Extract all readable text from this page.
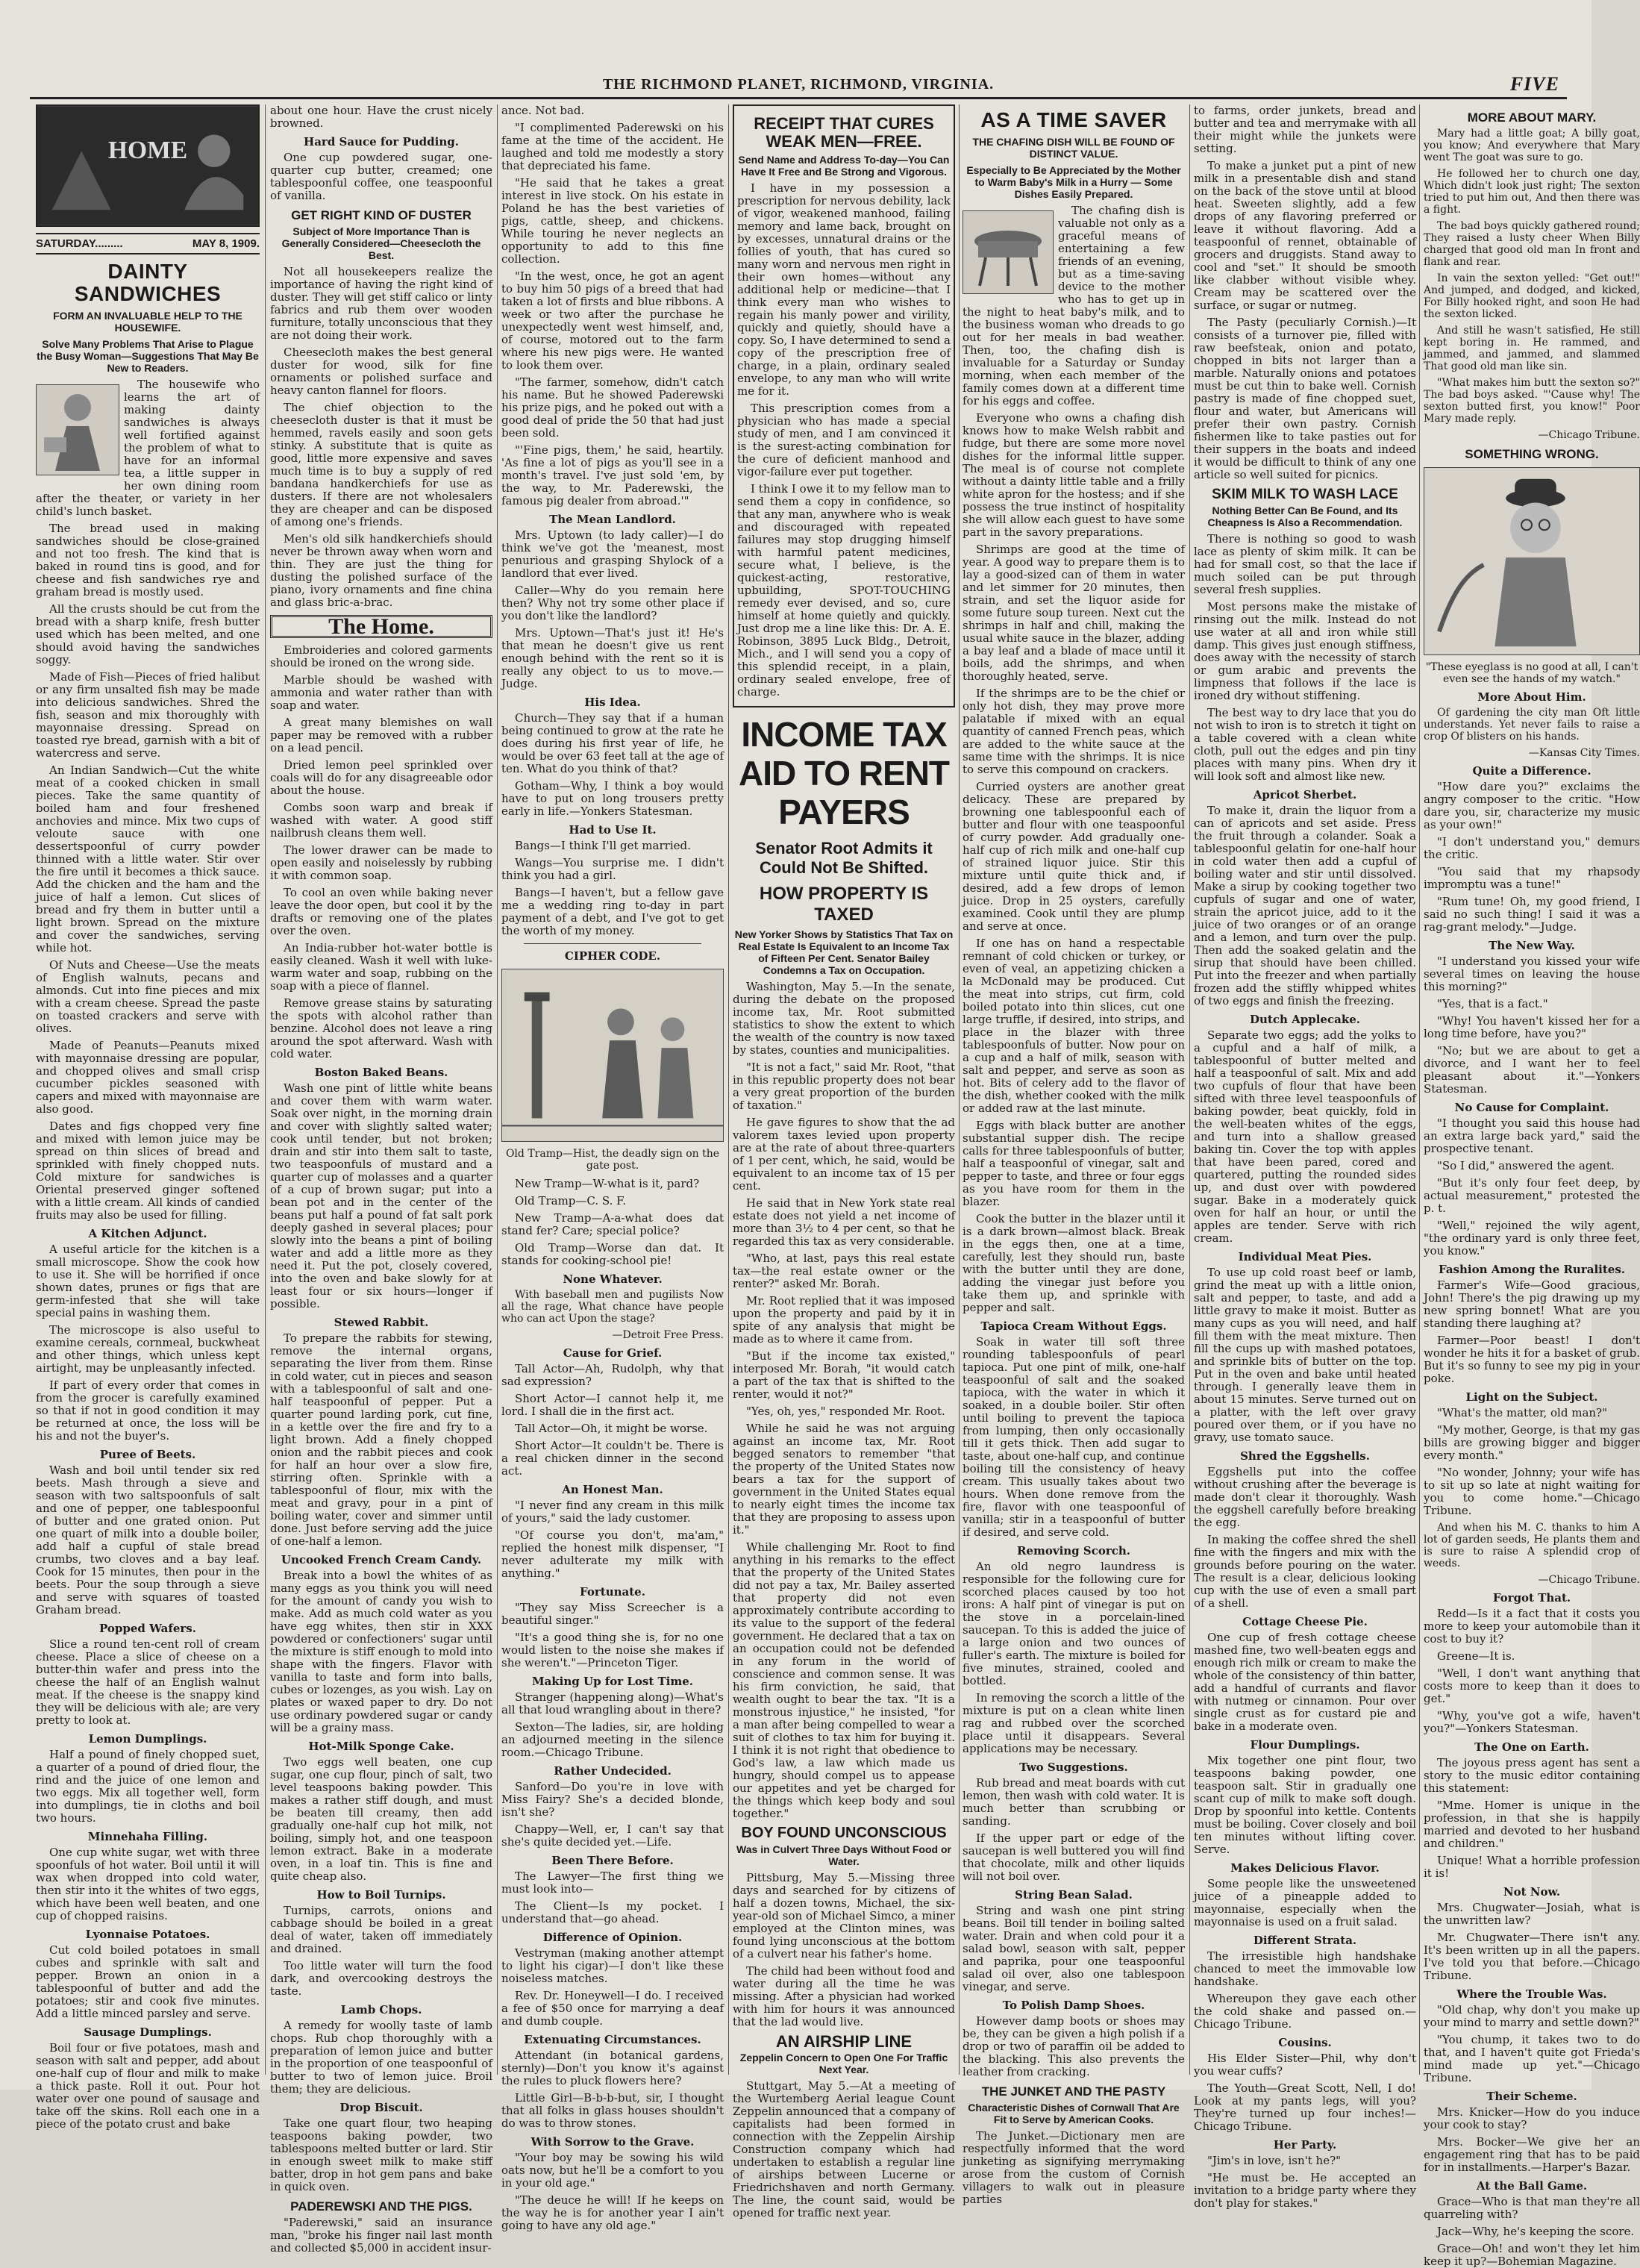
THE RICHMOND PLANET, RICHMOND, VIRGINIA.	FIVE
HOME
SATURDAY.........	MAY 8, 1909.
DAINTY SANDWICHES
FORM AN INVALUABLE HELP TO THE HOUSEWIFE.
Solve Many Problems That Arise to Plague the Busy Woman—Suggestions That May Be New to Readers.

The housewife who learns the art of making dainty sandwiches is always well fortified against the problem of what to have for an informal tea, a little supper in her own dining room after the theater, or variety in her child's lunch basket.

The bread used in making sandwiches should be close-grained and not too fresh. The kind that is baked in round tins is good, and for cheese and fish sandwiches rye and graham bread is mostly used.

All the crusts should be cut from the bread with a sharp knife, fresh butter used which has been melted, and one should avoid having the sandwiches soggy.

Made of Fish—Pieces of fried halibut or any firm unsalted fish may be made into delicious sandwiches. Shred the fish, season and mix thoroughly with mayonnaise dressing. Spread on toasted rye bread, garnish with a bit of watercress and serve.

An Indian Sandwich—Cut the white meat of a cooked chicken in small pieces. Take the same quantity of boiled ham and four freshened anchovies and mince. Mix two cups of veloute sauce with one dessertspoonful of curry powder thinned with a little water. Stir over the fire until it becomes a thick sauce. Add the chicken and the ham and the juice of half a lemon. Cut slices of bread and fry them in butter until a light brown. Spread on the mixture and cover the sandwiches, serving while hot.

Of Nuts and Cheese—Use the meats of English walnuts, pecans and almonds. Cut into fine pieces and mix with a cream cheese. Spread the paste on toasted crackers and serve with olives.

Made of Peanuts—Peanuts mixed with mayonnaise dressing are popular, and chopped olives and small crisp cucumber pickles seasoned with capers and mixed with mayonnaise are also good.

Dates and figs chopped very fine and mixed with lemon juice may be spread on thin slices of bread and sprinkled with finely chopped nuts. Cold mixture for sandwiches is Oriental preserved ginger softened with a little cream. All kinds of candied fruits may also be used for filling.

A Kitchen Adjunct.

A useful article for the kitchen is a small microscope. Show the cook how to use it. She will be horrified if once shown dates, prunes or figs that are germ-infested that she will take special pains in washing them.

The microscope is also useful to examine cereals, cornmeal, buckwheat and other things, which unless kept airtight, may be unpleasantly infected.

If part of every order that comes in from the grocer is carefully examined so that if not in good condition it may be returned at once, the loss will be his and not the buyer's.

Puree of Beets.

Wash and boil until tender six red beets. Mash through a sieve and season with two saltspoonfuls of salt and one of pepper, one tablespoonful of butter and one grated onion. Put one quart of milk into a double boiler, add half a cupful of stale bread crumbs, two cloves and a bay leaf. Cook for 15 minutes, then pour in the beets. Pour the soup through a sieve and serve with squares of toasted Graham bread.

Popped Wafers.

Slice a round ten-cent roll of cream cheese. Place a slice of cheese on a butter-thin wafer and press into the cheese the half of an English walnut meat. If the cheese is the snappy kind they will be delicious with ale; are very pretty to look at.

Lemon Dumplings.

Half a pound of finely chopped suet, a quarter of a pound of dried flour, the rind and the juice of one lemon and two eggs. Mix all together well, form into dumplings, tie in cloths and boil two hours.

Minnehaha Filling.

One cup white sugar, wet with three spoonfuls of hot water. Boil until it will wax when dropped into cold water, then stir into it the whites of two eggs, which have been well beaten, and one cup of chopped raisins.

Lyonnaise Potatoes.

Cut cold boiled potatoes in small cubes and sprinkle with salt and pepper. Brown an onion in a tablespoonful of butter and add the potatoes; stir and cook five minutes. Add a little minced parsley and serve.

Sausage Dumplings.

Boil four or five potatoes, mash and season with salt and pepper, add about one-half cup of flour and milk to make a thick paste. Roll it out. Pour hot water over one pound of sausage and take off the skins. Roll each one in a piece of the potato crust and bake

about one hour. Have the crust nicely browned.

Hard Sauce for Pudding.

One cup powdered sugar, one-quarter cup butter, creamed; one tablespoonful coffee, one teaspoonful of vanilla.

GET RIGHT KIND OF DUSTER
Subject of More Importance Than is Generally Considered—Cheesecloth the Best.

Not all housekeepers realize the importance of having the right kind of duster. They will get stiff calico or linty fabrics and rub them over wooden furniture, totally unconscious that they are not doing their work.

Cheesecloth makes the best general duster for wood, silk for fine ornaments or polished surface and heavy canton flannel for floors.

The chief objection to the cheesecloth duster is that it must be hemmed, ravels easily and soon gets stinky. A substitute that is quite as good, little more expensive and saves much time is to buy a supply of red bandana handkerchiefs for use as dusters. If there are not wholesalers they are cheaper and can be disposed of among one's friends.

Men's old silk handkerchiefs should never be thrown away when worn and thin. They are just the thing for dusting the polished surface of the piano, ivory ornaments and fine china and glass bric-a-brac.

The Home.

Embroideries and colored garments should be ironed on the wrong side.

Marble should be washed with ammonia and water rather than with soap and water.

A great many blemishes on wall paper may be removed with a rubber on a lead pencil.

Dried lemon peel sprinkled over coals will do for any disagreeable odor about the house.

Combs soon warp and break if washed with water. A good stiff nailbrush cleans them well.

The lower drawer can be made to open easily and noiselessly by rubbing it with common soap.

To cool an oven while baking never leave the door open, but cool it by the drafts or removing one of the plates over the oven.

An India-rubber hot-water bottle is easily cleaned. Wash it well with luke-warm water and soap, rubbing on the soap with a piece of flannel.

Remove grease stains by saturating the spots with alcohol rather than benzine. Alcohol does not leave a ring around the spot afterward. Wash with cold water.

Boston Baked Beans.

Wash one pint of little white beans and cover them with warm water. Soak over night, in the morning drain and cover with slightly salted water; cook until tender, but not broken; drain and stir into them salt to taste, two teaspoonfuls of mustard and a quarter cup of molasses and a quarter of a cup of brown sugar; put into a bean pot and in the center of the beans put half a pound of fat salt pork deeply gashed in several places; pour slowly into the beans a pint of boiling water and add a little more as they need it. Put the pot, closely covered, into the oven and bake slowly for at least four or six hours—longer if possible.

Stewed Rabbit.

To prepare the rabbits for stewing, remove the internal organs, separating the liver from them. Rinse in cold water, cut in pieces and season with a tablespoonful of salt and one-half teaspoonful of pepper. Put a quarter pound larding pork, cut fine, in a kettle over the fire and fry to a light brown. Add a finely chopped onion and the rabbit pieces and cook for half an hour over a slow fire, stirring often. Sprinkle with a tablespoonful of flour, mix with the meat and gravy, pour in a pint of boiling water, cover and simmer until done. Just before serving add the juice of one-half a lemon.

Uncooked French Cream Candy.

Break into a bowl the whites of as many eggs as you think you will need for the amount of candy you wish to make. Add as much cold water as you have egg whites, then stir in XXX powdered or confectioners' sugar until the mixture is stiff enough to mold into shape with the fingers. Flavor with vanilla to taste and form into balls, cubes or lozenges, as you wish. Lay on plates or waxed paper to dry. Do not use ordinary powdered sugar or candy will be a grainy mass.

Hot-Milk Sponge Cake.

Two eggs well beaten, one cup sugar, one cup flour, pinch of salt, two level teaspoons baking powder. This makes a rather stiff dough, and must be beaten till creamy, then add gradually one-half cup hot milk, not boiling, simply hot, and one teaspoon lemon extract. Bake in a moderate oven, in a loaf tin. This is fine and quite cheap also.

How to Boil Turnips.

Turnips, carrots, onions and cabbage should be boiled in a great deal of water, taken off immediately and drained.

Too little water will turn the food dark, and overcooking destroys the taste.

Lamb Chops.

A remedy for woolly taste of lamb chops. Rub chop thoroughly with a preparation of lemon juice and butter in the proportion of one teaspoonful of butter to two of lemon juice. Broil them; they are delicious.

Drop Biscuit.

Take one quart flour, two heaping teaspoons baking powder, two tablespoons melted butter or lard. Stir in enough sweet milk to make stiff batter, drop in hot gem pans and bake in quick oven.

PADEREWSKI AND THE PIGS.

"Paderewski," said an insurance man, "broke his finger nail last month and collected $5,000 in accident insur-

ance. Not bad.

"I complimented Paderewski on his fame at the time of the accident. He laughed and told me modestly a story that depreciated his fame.

"He said that he takes a great interest in live stock. On his estate in Poland he has the best varieties of pigs, cattle, sheep, and chickens. While touring he never neglects an opportunity to add to this fine collection.

"In the west, once, he got an agent to buy him 50 pigs of a breed that had taken a lot of firsts and blue ribbons. A week or two after the purchase he unexpectedly went west himself, and, of course, motored out to the farm where his new pigs were. He wanted to look them over.

"The farmer, somehow, didn't catch his name. But he showed Paderewski his prize pigs, and he poked out with a good deal of pride the 50 that had just been sold.

"'Fine pigs, them,' he said, heartily. 'As fine a lot of pigs as you'll see in a month's travel. I've just sold 'em, by the way, to Mr. Paderewski, the famous pig dealer from abroad.'"

The Mean Landlord.

Mrs. Uptown (to lady caller)—I do think we've got the 'meanest, most penurious and grasping Shylock of a landlord that ever lived.

Caller—Why do you remain here then? Why not try some other place if you don't like the landlord?

Mrs. Uptown—That's just it! He's that mean he doesn't give us rent enough behind with the rent so it is really any object to us to move.—Judge.

His Idea.

Church—They say that if a human being continued to grow at the rate he does during his first year of life, he would be over 63 feet tall at the age of ten. What do you think of that?

Gotham—Why, I think a boy would have to put on long trousers pretty early in life.—Yonkers Statesman.

Had to Use It.

Bangs—I think I'll get married.

Wangs—You surprise me. I didn't think you had a girl.

Bangs—I haven't, but a fellow gave me a wedding ring to-day in part payment of a debt, and I've got to get the worth of my money.

CIPHER CODE.
Old Tramp—Hist, the deadly sign on the gate post.

New Tramp—W-what is it, pard?

Old Tramp—C. S. F.

New Tramp—A-a-what does dat stand fer? Care; special police?

Old Tramp—Worse dan dat. It stands for cooking-school pie!

None Whatever.

With baseball men and pugilists Now all the rage, What chance have people who can act Upon the stage?

—Detroit Free Press.

Cause for Grief.

Tall Actor—Ah, Rudolph, why that sad expression?

Short Actor—I cannot help it, me lord. I shall die in the first act.

Tall Actor—Oh, it might be worse.

Short Actor—It couldn't be. There is a real chicken dinner in the second act.

An Honest Man.

"I never find any cream in this milk of yours," said the lady customer.

"Of course you don't, ma'am," replied the honest milk dispenser, "I never adulterate my milk with anything."

Fortunate.

"They say Miss Screecher is a beautiful singer."

"It's a good thing she is, for no one would listen to the noise she makes if she weren't."—Princeton Tiger.

Making Up for Lost Time.

Stranger (happening along)—What's all that loud wrangling about in there?

Sexton—The ladies, sir, are holding an adjourned meeting in the silence room.—Chicago Tribune.

Rather Undecided.

Sanford—Do you're in love with Miss Fairy? She's a decided blonde, isn't she?

Chappy—Well, er, I can't say that she's quite decided yet.—Life.

Been There Before.

The Lawyer—The first thing we must look into—

The Client—Is my pocket. I understand that—go ahead.

Difference of Opinion.

Vestryman (making another attempt to light his cigar)—I don't like these noiseless matches.

Rev. Dr. Honeywell—I do. I received a fee of $50 once for marrying a deaf and dumb couple.

Extenuating Circumstances.

Attendant (in botanical gardens, sternly)—Don't you know it's against the rules to pluck flowers here?

Little Girl—B-b-b-but, sir, I thought that all folks in glass houses shouldn't do was to throw stones.

With Sorrow to the Grave.

"Your boy may be sowing his wild oats now, but he'll be a comfort to you in your old age."

"The deuce he will! If he keeps on the way he is for another year I ain't going to have any old age."

RECEIPT THAT CURES WEAK MEN—FREE.
Send Name and Address To-day—You Can Have It Free and Be Strong and Vigorous.

I have in my possession a prescription for nervous debility, lack of vigor, weakened manhood, failing memory and lame back, brought on by excesses, unnatural drains or the follies of youth, that has cured so many worn and nervous men right in their own homes—without any additional help or medicine—that I think every man who wishes to regain his manly power and virility, quickly and quietly, should have a copy. So, I have determined to send a copy of the prescription free of charge, in a plain, ordinary sealed envelope, to any man who will write me for it.

This prescription comes from a physician who has made a special study of men, and I am convinced it is the surest-acting combination for the cure of deficient manhood and vigor-failure ever put together.

I think I owe it to my fellow man to send them a copy in confidence, so that any man, anywhere who is weak and discouraged with repeated failures may stop drugging himself with harmful patent medicines, secure what, I believe, is the quickest-acting, restorative, upbuilding, SPOT-TOUCHING remedy ever devised, and so, cure himself at home quietly and quickly. Just drop me a line like this: Dr. A. E. Robinson, 3895 Luck Bldg., Detroit, Mich., and I will send you a copy of this splendid receipt, in a plain, ordinary sealed envelope, free of charge.

INCOME TAX AID TO RENT PAYERS
Senator Root Admits it Could Not Be Shifted.
HOW PROPERTY IS TAXED
New Yorker Shows by Statistics That Tax on Real Estate Is Equivalent to an Income Tax of Fifteen Per Cent. Senator Bailey Condemns a Tax on Occupation.

Washington, May 5.—In the senate, during the debate on the proposed income tax, Mr. Root submitted statistics to show the extent to which the wealth of the country is now taxed by states, counties and municipalities.

"It is not a fact," said Mr. Root, "that in this republic property does not bear a very great proportion of the burden of taxation."

He gave figures to show that the ad valorem taxes levied upon property are at the rate of about three-quarters of 1 per cent, which, he said, would be equivalent to an income tax of 15 per cent.

He said that in New York state real estate does not yield a net income of more than 3½ to 4 per cent, so that he regarded this tax as very considerable.

"Who, at last, pays this real estate tax—the real estate owner or the renter?" asked Mr. Borah.

Mr. Root replied that it was imposed upon the property and paid by it in spite of any analysis that might be made as to where it came from.

"But if the income tax existed," interposed Mr. Borah, "it would catch a part of the tax that is shifted to the renter, would it not?"

"Yes, oh, yes," responded Mr. Root.

While he said he was not arguing against an income tax, Mr. Root begged senators to remember "that the property of the United States now bears a tax for the support of government in the United States equal to nearly eight times the income tax that they are proposing to assess upon it."

While challenging Mr. Root to find anything in his remarks to the effect that the property of the United States did not pay a tax, Mr. Bailey asserted that property did not even approximately contribute according to its value to the support of the federal government. He declared that a tax on an occupation could not be defended in any forum in the world of conscience and common sense. It was his firm conviction, he said, that wealth ought to bear the tax. "It is a monstrous injustice," he insisted, "for a man after being compelled to wear a suit of clothes to tax him for buying it. I think it is not right that obedience to God's law, a law which made us hungry, should compel us to appease our appetites and yet be charged for the things which keep body and soul together."

BOY FOUND UNCONSCIOUS
Was in Culvert Three Days Without Food or Water.

Pittsburg, May 5.—Missing three days and searched for by citizens of half a dozen towns, Michael, the six-year-old son of Michael Simco, a miner employed at the Clinton mines, was found lying unconscious at the bottom of a culvert near his father's home.

The child had been without food and water during all the time he was missing. After a physician had worked with him for hours it was announced that the lad would live.

AN AIRSHIP LINE
Zeppelin Concern to Open One For Traffic Next Year.

Stuttgart, May 5.—At a meeting of the Wurtemberg Aerial league Count Zeppelin announced that a company of capitalists had been formed in connection with the Zeppelin Airship Construction company which had undertaken to establish a regular line of airships between Lucerne or Friedrichshaven and north Germany. The line, the count said, would be opened for traffic next year.

AS A TIME SAVER
THE CHAFING DISH WILL BE FOUND OF DISTINCT VALUE.
Especially to Be Appreciated by the Mother to Warm Baby's Milk in a Hurry — Some Dishes Easily Prepared.

The chafing dish is valuable not only as a graceful means of entertaining a few friends of an evening, but as a time-saving device to the mother who has to get up in the night to heat baby's milk, and to the business woman who dreads to go out for her meals in bad weather. Then, too, the chafing dish is invaluable for a Saturday or Sunday morning, when each member of the family comes down at a different time for his eggs and coffee.

Everyone who owns a chafing dish knows how to make Welsh rabbit and fudge, but there are some more novel dishes for the informal little supper. The meal is of course not complete without a dainty little table and a frilly white apron for the hostess; and if she possess the true instinct of hospitality she will allow each guest to have some part in the savory preparations.

Shrimps are good at the time of year. A good way to prepare them is to lay a good-sized can of them in water and let simmer for 20 minutes, then strain, and set the liquor aside for some future soup tureen. Next cut the shrimps in half and chill, making the usual white sauce in the blazer, adding a bay leaf and a blade of mace until it boils, add the shrimps, and when thoroughly heated, serve.

If the shrimps are to be the chief or only hot dish, they may prove more palatable if mixed with an equal quantity of canned French peas, which are added to the white sauce at the same time with the shrimps. It is nice to serve this compound on crackers.

Curried oysters are another great delicacy. These are prepared by browning one tablespoonful each of butter and flour with one teaspoonful of curry powder. Add gradually one-half cup of rich milk and one-half cup of strained liquor juice. Stir this mixture until quite thick and, if desired, add a few drops of lemon juice. Drop in 25 oysters, carefully examined. Cook until they are plump and serve at once.

If one has on hand a respectable remnant of cold chicken or turkey, or even of veal, an appetizing chicken a la McDonald may be produced. Cut the meat into strips, cut firm, cold boiled potato into thin slices, cut one large truffle, if desired, into strips, and place in the blazer with three tablespoonfuls of butter. Now pour on a cup and a half of milk, season with salt and pepper, and serve as soon as hot. Bits of celery add to the flavor of the dish, whether cooked with the milk or added raw at the last minute.

Eggs with black butter are another substantial supper dish. The recipe calls for three tablespoonfuls of butter, half a teaspoonful of vinegar, salt and pepper to taste, and three or four eggs as you have room for them in the blazer.

Cook the butter in the blazer until it is a dark brown—almost black. Break in the eggs then, one at a time, carefully, lest they should run, baste with the butter until they are done, adding the vinegar just before you take them up, and sprinkle with pepper and salt.

Tapioca Cream Without Eggs.

Soak in water till soft three rounding tablespoonfuls of pearl tapioca. Put one pint of milk, one-half teaspoonful of salt and the soaked tapioca, with the water in which it soaked, in a double boiler. Stir often until boiling to prevent the tapioca from lumping, then only occasionally till it gets thick. Then add sugar to taste, about one-half cup, and continue boiling till the consistency of heavy cream. This usually takes about two hours. When done remove from the fire, flavor with one teaspoonful of vanilla; stir in a teaspoonful of butter if desired, and serve cold.

Removing Scorch.

An old negro laundress is responsible for the following cure for scorched places caused by too hot irons: A half pint of vinegar is put on the stove in a porcelain-lined saucepan. To this is added the juice of a large onion and two ounces of fuller's earth. The mixture is boiled for five minutes, strained, cooled and bottled.

In removing the scorch a little of the mixture is put on a clean white linen rag and rubbed over the scorched place until it disappears. Several applications may be necessary.

Two Suggestions.

Rub bread and meat boards with cut lemon, then wash with cold water. It is much better than scrubbing or sanding.

If the upper part or edge of the saucepan is well buttered you will find that chocolate, milk and other liquids will not boil over.

String Bean Salad.

String and wash one pint string beans. Boil till tender in boiling salted water. Drain and when cold pour it a salad bowl, season with salt, pepper and paprika, pour one teaspoonful salad oil over, also one tablespoon vinegar, and serve.

To Polish Damp Shoes.

However damp boots or shoes may be, they can be given a high polish if a drop or two of paraffin oil be added to the blacking. This also prevents the leather from cracking.

THE JUNKET AND THE PASTY
Characteristic Dishes of Cornwall That Are Fit to Serve by American Cooks.

The Junket.—Dictionary men are respectfully informed that the word junketing as signifying merrymaking arose from the custom of Cornish villagers to walk out in pleasure parties

to farms, order junkets, bread and butter and tea and merrymake with all their might while the junkets were setting.

To make a junket put a pint of new milk in a presentable dish and stand on the back of the stove until at blood heat. Sweeten slightly, add a few drops of any flavoring preferred or leave it without flavoring. Add a teaspoonful of rennet, obtainable of grocers and druggists. Stand away to cool and "set." It should be smooth like clabber without visible whey. Cream may be scattered over the surface, or sugar or nutmeg.

The Pasty (peculiarly Cornish.)—It consists of a turnover pie, filled with raw beefsteak, onion and potato, chopped in bits not larger than a marble. Naturally onions and potatoes must be cut thin to bake well. Cornish pastry is made of fine chopped suet, flour and water, but Americans will prefer their own pastry. Cornish fishermen like to take pasties out for their suppers in the boats and indeed it would be difficult to think of any one article so well suited for picnics.

SKIM MILK TO WASH LACE
Nothing Better Can Be Found, and Its Cheapness Is Also a Recommendation.

There is nothing so good to wash lace as plenty of skim milk. It can be had for small cost, so that the lace if much soiled can be put through several fresh supplies.

Most persons make the mistake of rinsing out the milk. Instead do not use water at all and iron while still damp. This gives just enough stiffness, does away with the necessity of starch or gum arabic and prevents the limpness that follows if the lace is ironed dry without stiffening.

The best way to dry lace that you do not wish to iron is to stretch it tight on a table covered with a clean white cloth, pull out the edges and pin tiny places with many pins. When dry it will look soft and almost like new.

Apricot Sherbet.

To make it, drain the liquor from a can of apricots and set aside. Press the fruit through a colander. Soak a tablespoonful gelatin for one-half hour in cold water then add a cupful of boiling water and stir until dissolved. Make a sirup by cooking together two cupfuls of sugar and one of water, strain the apricot juice, add to it the juice of two oranges or of an orange and a lemon, and turn over the pulp. Then add the soaked gelatin and the sirup that should have been chilled. Put into the freezer and when partially frozen add the stiffly whipped whites of two eggs and finish the freezing.

Dutch Applecake.

Separate two eggs; add the yolks to a cupful and a half of milk, a tablespoonful of butter melted and half a teaspoonful of salt. Mix and add two cupfuls of flour that have been sifted with three level teaspoonfuls of baking powder, beat quickly, fold in the well-beaten whites of the eggs, and turn into a shallow greased baking tin. Cover the top with apples that have been pared, cored and quartered, putting the rounded sides up, and dust over with powdered sugar. Bake in a moderately quick oven for half an hour, or until the apples are tender. Serve with rich cream.

Individual Meat Pies.

To use up cold roast beef or lamb, grind the meat up with a little onion, salt and pepper, to taste, and add a little gravy to make it moist. Butter as many cups as you will need, and half fill them with the meat mixture. Then fill the cups up with mashed potatoes, and sprinkle bits of butter on the top. Put in the oven and bake until heated through. I generally leave them in about 15 minutes. Serve turned out on a platter, with the left over gravy poured over them, or if you have no gravy, use tomato sauce.

Shred the Eggshells.

Eggshells put into the coffee without crushing after the beverage is made don't clear it thoroughly. Wash the eggshell carefully before breaking the egg.

In making the coffee shred the shell fine with the fingers and mix with the grounds before pouring on the water. The result is a clear, delicious looking cup with the use of even a small part of a shell.

Cottage Cheese Pie.

One cup of fresh cottage cheese mashed fine, two well-beaten eggs and enough rich milk or cream to make the whole of the consistency of thin batter, add a handful of currants and flavor with nutmeg or cinnamon. Pour over single crust as for custard pie and bake in a moderate oven.

Flour Dumplings.

Mix together one pint flour, two teaspoons baking powder, one teaspoon salt. Stir in gradually one scant cup of milk to make soft dough. Drop by spoonful into kettle. Contents must be boiling. Cover closely and boil ten minutes without lifting cover. Serve.

Makes Delicious Flavor.

Some people like the unsweetened juice of a pineapple added to mayonnaise, especially when the mayonnaise is used on a fruit salad.

Different Strata.

The irresistible high handshake chanced to meet the immovable low handshake.

Whereupon they gave each other the cold shake and passed on.—Chicago Tribune.

Cousins.

His Elder Sister—Phil, why don't you wear cuffs?

The Youth—Great Scott, Nell, I do! Look at my pants legs, will you? They're turned up four inches!—Chicago Tribune.

Her Party.

"Jim's in love, isn't he?"

"He must be. He accepted an invitation to a bridge party where they don't play for stakes."

MORE ABOUT MARY.

Mary had a little goat; A billy goat, you know; And everywhere that Mary went The goat was sure to go.

He followed her to church one day, Which didn't look just right; The sexton tried to put him out, And then there was a fight.

The bad boys quickly gathered round; They raised a lusty cheer When Billy charged that good old man In front and flank and rear.

In vain the sexton yelled: "Get out!" And jumped, and dodged, and kicked, For Billy hooked right, and soon He had the sexton licked.

And still he wasn't satisfied, He still kept boring in. He rammed, and jammed, and jammed, and slammed That good old man like sin.

"What makes him butt the sexton so?" The bad boys asked. "'Cause why! The sexton butted first, you know!" Poor Mary made reply.

—Chicago Tribune.

SOMETHING WRONG.
"These eyeglass is no good at all, I can't even see the hands of my watch."
More About Him.

Of gardening the city man Oft little understands. Yet never fails to raise a crop Of blisters on his hands.

—Kansas City Times.

Quite a Difference.

"How dare you?" exclaims the angry composer to the critic. "How dare you, sir, characterize my music as your own!"

"I don't understand you," demurs the critic.

"You said that my rhapsody impromptu was a tune!"

"Rum tune! Oh, my good friend, I said no such thing! I said it was a rag-grant melody."—Judge.

The New Way.

"I understand you kissed your wife several times on leaving the house this morning?"

"Yes, that is a fact."

"Why! You haven't kissed her for a long time before, have you?"

"No; but we are about to get a divorce, and I want her to feel pleasant about it."—Yonkers Statesman.

No Cause for Complaint.

"I thought you said this house had an extra large back yard," said the prospective tenant.

"So I did," answered the agent.

"But it's only four feet deep, by actual measurement," protested the p. t.

"Well," rejoined the wily agent, "the ordinary yard is only three feet, you know."

Fashion Among the Ruralites.

Farmer's Wife—Good gracious, John! There's the pig drawing up my new spring bonnet! What are you standing there laughing at?

Farmer—Poor beast! I don't wonder he hits it for a basket of grub. But it's so funny to see my pig in your poke.

Light on the Subject.

"What's the matter, old man?"

"My mother, George, is that my gas bills are growing bigger and bigger every month."

"No wonder, Johnny; your wife has to sit up so late at night waiting for you to come home."—Chicago Tribune.

And when his M. C. thanks to him A lot of garden seeds, He plants them and is sure to raise A splendid crop of weeds.

—Chicago Tribune.

Forgot That.

Redd—Is it a fact that it costs you more to keep your automobile than it cost to buy it?

Greene—It is.

"Well, I don't want anything that costs more to keep than it does to get."

"Why, you've got a wife, haven't you?"—Yonkers Statesman.

The One on Earth.

The joyous press agent has sent a story to the music editor containing this statement:

"Mme. Homer is unique in the profession, in that she is happily married and devoted to her husband and children."

Unique! What a horrible profession it is!

Not Now.

Mrs. Chugwater—Josiah, what is the unwritten law?

Mr. Chugwater—There isn't any. It's been written up in all the papers. I've told you that before.—Chicago Tribune.

Where the Trouble Was.

"Old chap, why don't you make up your mind to marry and settle down?"

"You chump, it takes two to do that, and I haven't quite got Frieda's mind made up yet."—Chicago Tribune.

Their Scheme.

Mrs. Knicker—How do you induce your cook to stay?

Mrs. Bocker—We give her an engagement ring that has to be paid for in installments.—Harper's Bazar.

At the Ball Game.

Grace—Who is that man they're all quarreling with?

Jack—Why, he's keeping the score.

Grace—Oh! and won't they let him keep it up?—Bohemian Magazine.
